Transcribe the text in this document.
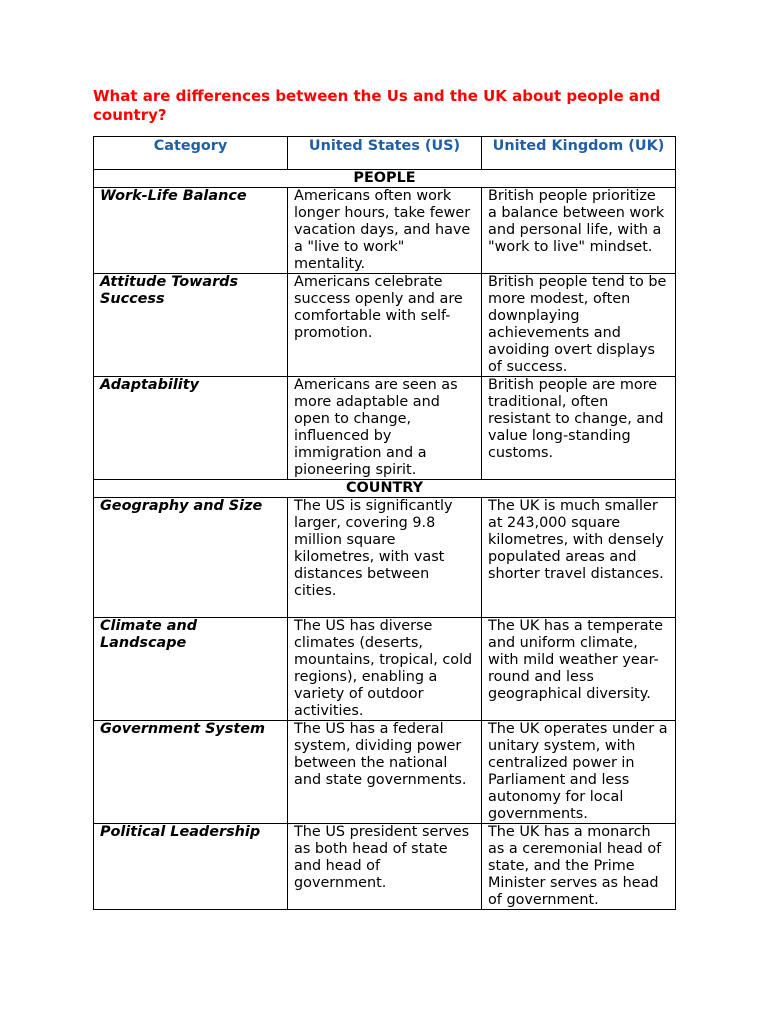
What are differences between the Us and the UK about people and country?
Category	United States (US)	United Kingdom (UK)
PEOPLE		
Work-Life Balance	Americans often work longer hours, take fewer vacation days, and have a "live to work" mentality.	British people prioritize a balance between work and personal life, with a "work to live" mindset.
Attitude Towards Success	Americans celebrate success openly and are comfortable with self-promotion.	British people tend to be more modest, often downplaying achievements and avoiding overt displays of success.
Adaptability	Americans are seen as more adaptable and open to change, influenced by immigration and a pioneering spirit.	British people are more traditional, often resistant to change, and value long-standing customs.
COUNTRY		
Geography and Size	The US is significantly larger, covering 9.8 million square kilometres, with vast distances between cities.	The UK is much smaller at 243,000 square kilometres, with densely populated areas and shorter travel distances.
Climate and Landscape	The US has diverse climates (deserts, mountains, tropical, cold regions), enabling a variety of outdoor activities.	The UK has a temperate and uniform climate, with mild weather year-round and less geographical diversity.
Government System	The US has a federal system, dividing power between the national and state governments.	The UK operates under a unitary system, with centralized power in Parliament and less autonomy for local governments.
Political Leadership	The US president serves as both head of state and head of government.	The UK has a monarch as a ceremonial head of state, and the Prime Minister serves as head of government.
